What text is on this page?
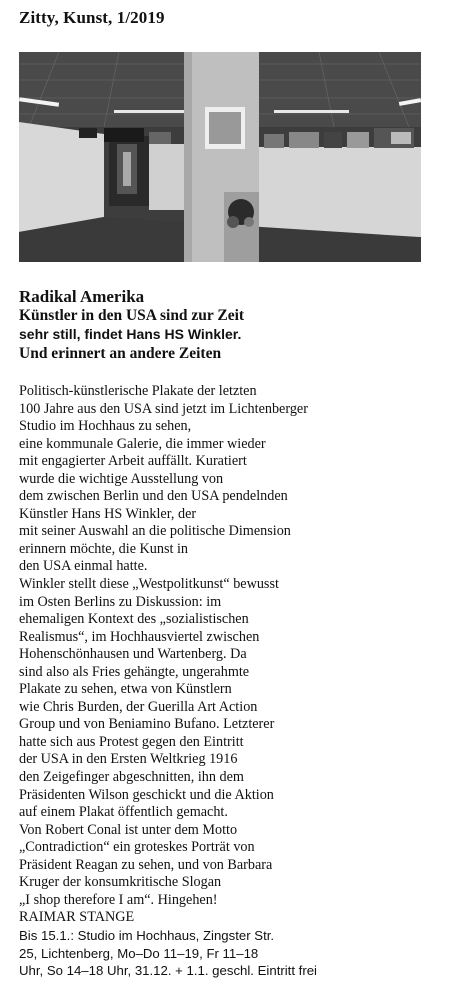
Zitty, Kunst, 1/2019
Radikal Amerika
Künstler in den USA sind zur Zeit
sehr still, findet Hans HS Winkler.
Und erinnert an andere Zeiten
Politisch-künstlerische Plakate der letzten
100 Jahre aus den USA sind jetzt im Lichtenberger
Studio im Hochhaus zu sehen,
eine kommunale Galerie, die immer wieder
mit engagierter Arbeit auffällt. Kuratiert
wurde die wichtige Ausstellung von
dem zwischen Berlin und den USA pendelnden
Künstler Hans HS Winkler, der
mit seiner Auswahl an die politische Dimension
erinnern möchte, die Kunst in
den USA einmal hatte.
Winkler stellt diese „Westpolitkunst“ bewusst
im Osten Berlins zu Diskussion: im
ehemaligen Kontext des „sozialistischen
Realismus“, im Hochhausviertel zwischen
Hohenschönhausen und Wartenberg. Da
sind also als Fries gehängte, ungerahmte
Plakate zu sehen, etwa von Künstlern
wie Chris Burden, der Guerilla Art Action
Group und von Beniamino Bufano. Letzterer
hatte sich aus Protest gegen den Eintritt
der USA in den Ersten Weltkrieg 1916
den Zeigefinger abgeschnitten, ihn dem
Präsidenten Wilson geschickt und die Aktion
auf einem Plakat öffentlich gemacht.
Von Robert Conal ist unter dem Motto
„Contradiction“ ein groteskes Porträt von
Präsident Reagan zu sehen, und von Barbara
Kruger der konsumkritische Slogan
„I shop therefore I am“. Hingehen!
RAIMAR STANGE
Bis 15.1.: Studio im Hochhaus, Zingster Str.
25, Lichtenberg, Mo–Do 11–19, Fr 11–18
Uhr, So 14–18 Uhr, 31.12. + 1.1. geschl. Eintritt frei
